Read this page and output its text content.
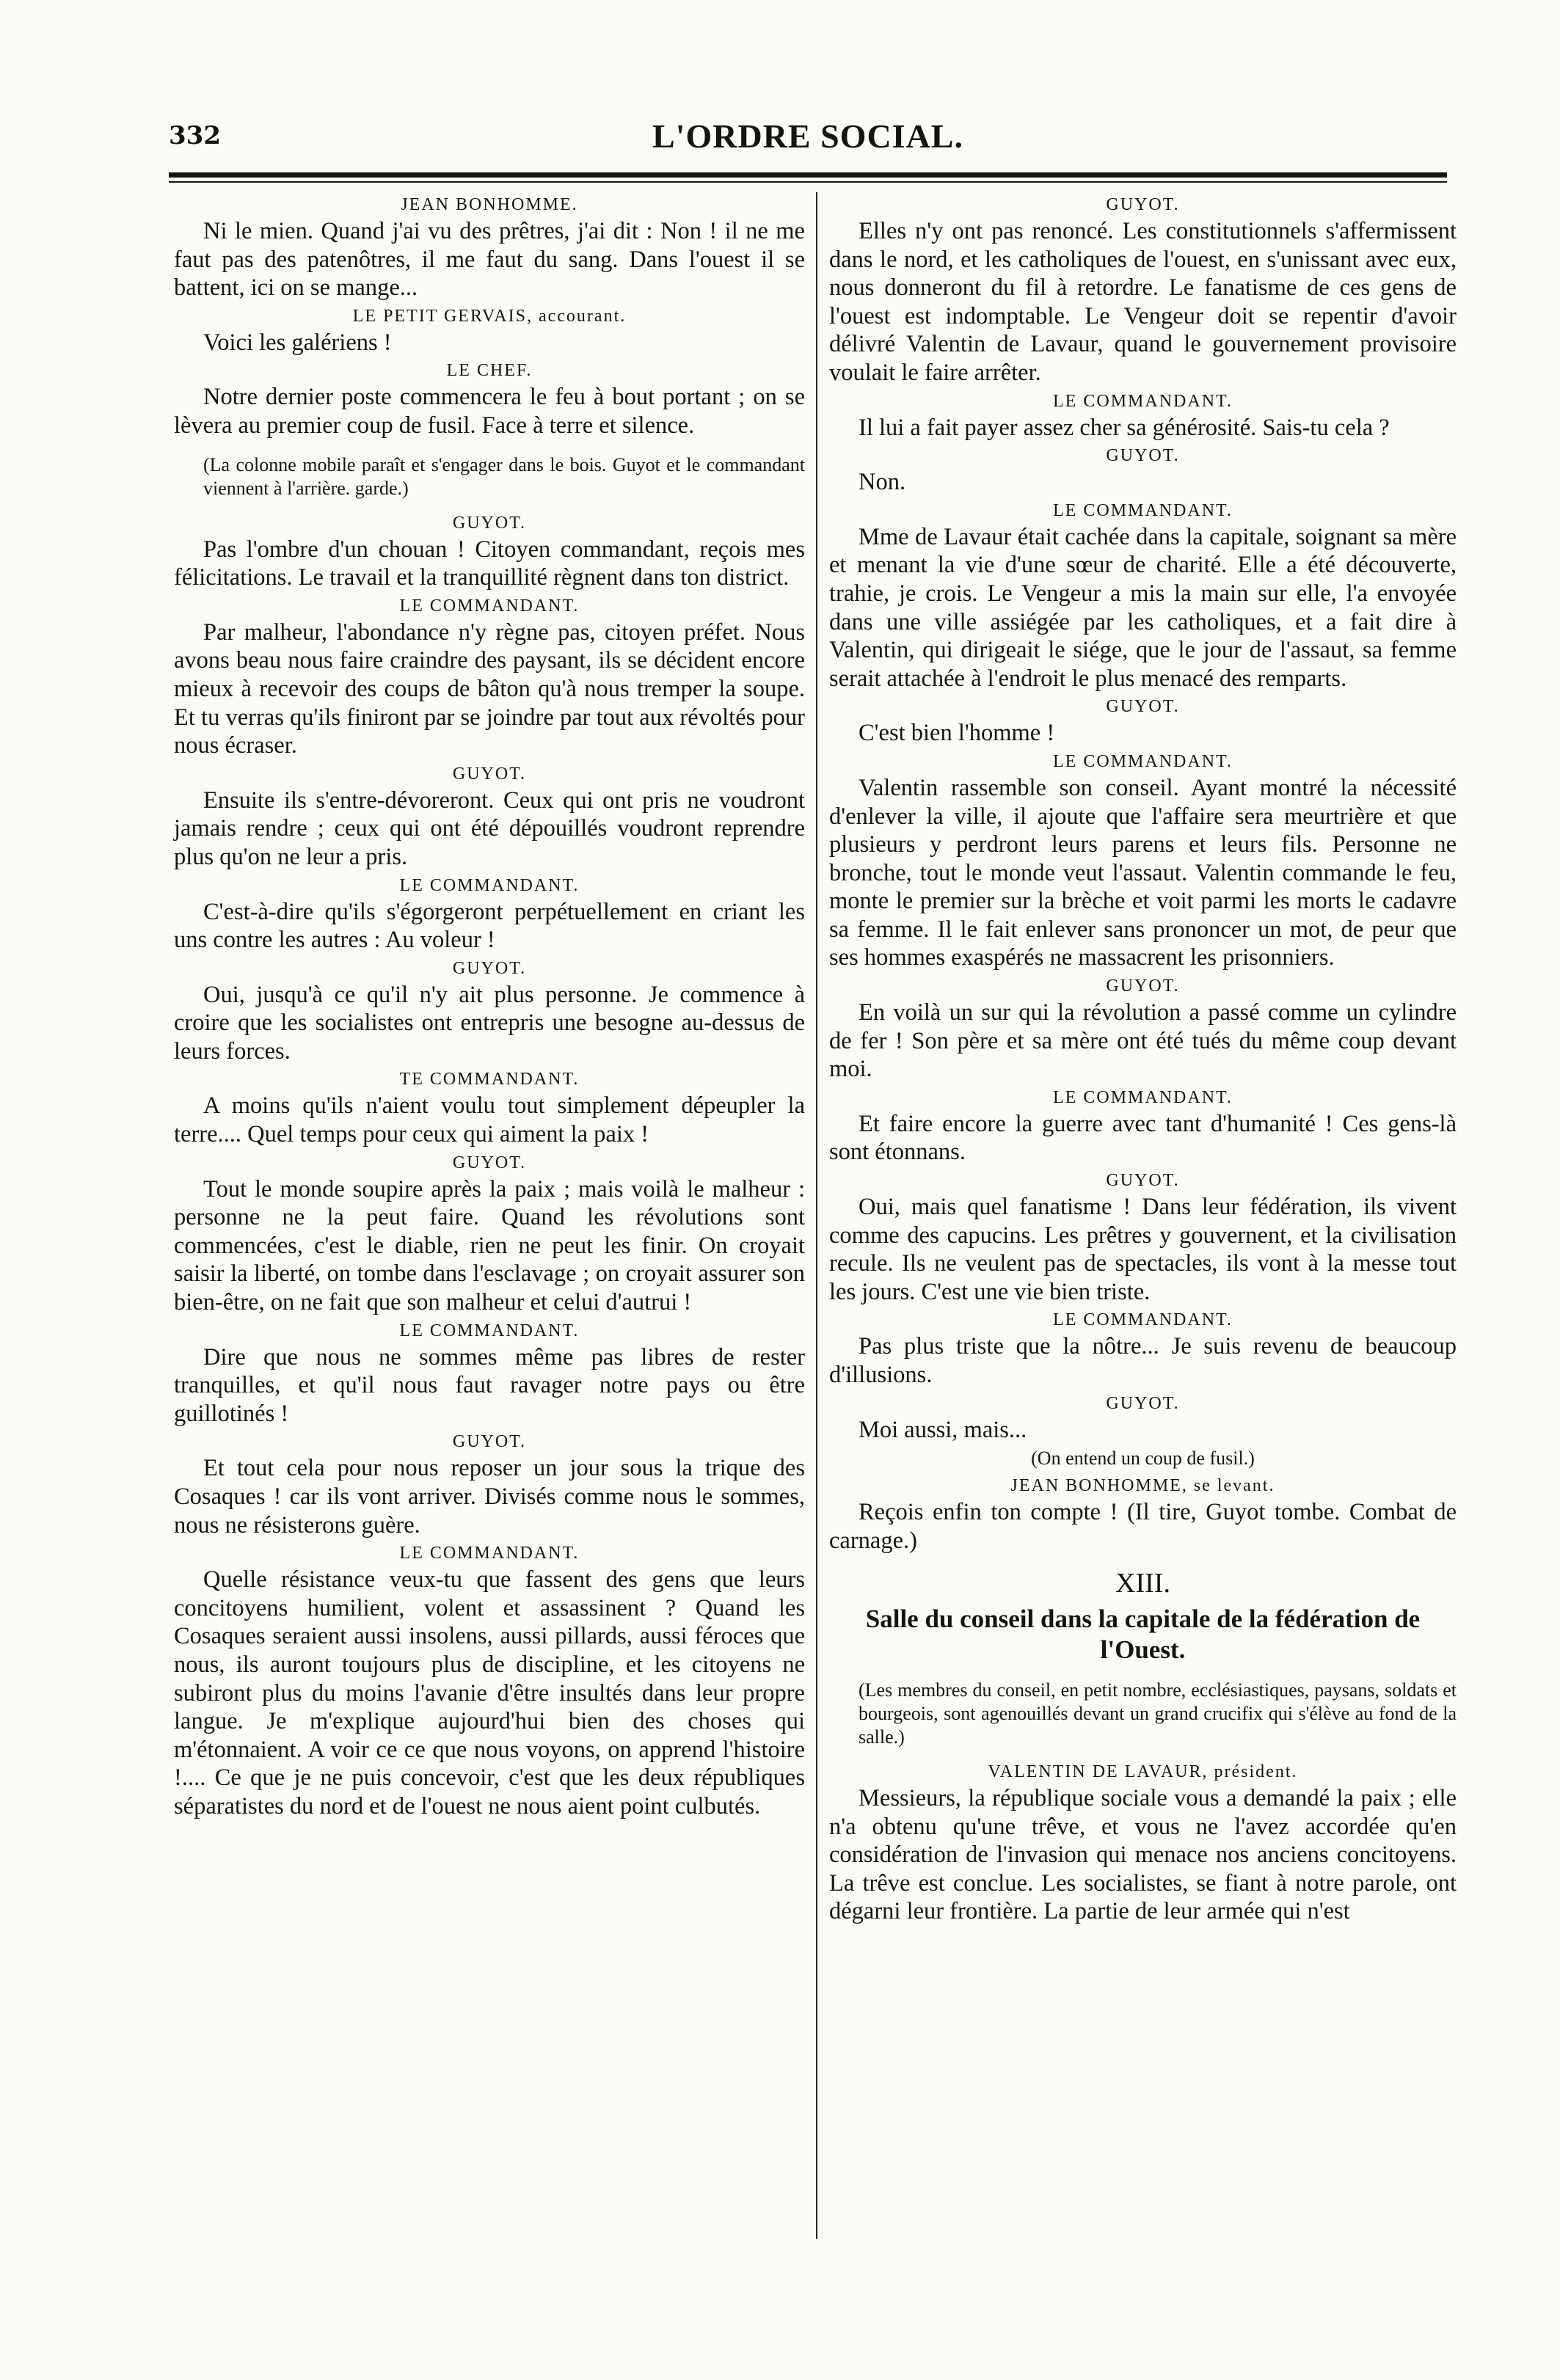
332	L'ORDRE SOCIAL.
JEAN BONHOMME.

Ni le mien. Quand j'ai vu des prêtres, j'ai dit : Non ! il ne me faut pas des patenôtres, il me faut du sang. Dans l'ouest il se battent, ici on se mange...

LE PETIT GERVAIS, accourant.

Voici les galériens !

LE CHEF.

Notre dernier poste commencera le feu à bout portant ; on se lèvera au premier coup de fusil. Face à terre et silence.

(La colonne mobile paraît et s'engager dans le bois. Guyot et le commandant viennent à l'arrière. garde.)
GUYOT.

Pas l'ombre d'un chouan ! Citoyen commandant, reçois mes félicitations. Le travail et la tranquillité règnent dans ton district.

LE COMMANDANT.

Par malheur, l'abondance n'y règne pas, citoyen préfet. Nous avons beau nous faire craindre des paysant, ils se décident encore mieux à recevoir des coups de bâton qu'à nous tremper la soupe. Et tu verras qu'ils finiront par se joindre par tout aux révoltés pour nous écraser.

GUYOT.

Ensuite ils s'entre-dévoreront. Ceux qui ont pris ne voudront jamais rendre ; ceux qui ont été dépouillés voudront reprendre plus qu'on ne leur a pris.

LE COMMANDANT.

C'est-à-dire qu'ils s'égorgeront perpétuellement en criant les uns contre les autres : Au voleur !

GUYOT.

Oui, jusqu'à ce qu'il n'y ait plus personne. Je commence à croire que les socialistes ont entrepris une besogne au-dessus de leurs forces.

TE COMMANDANT.

A moins qu'ils n'aient voulu tout simplement dépeupler la terre.... Quel temps pour ceux qui aiment la paix !

GUYOT.

Tout le monde soupire après la paix ; mais voilà le malheur : personne ne la peut faire. Quand les révolutions sont commencées, c'est le diable, rien ne peut les finir. On croyait saisir la liberté, on tombe dans l'esclavage ; on croyait assurer son bien-être, on ne fait que son malheur et celui d'autrui !

LE COMMANDANT.

Dire que nous ne sommes même pas libres de rester tranquilles, et qu'il nous faut ravager notre pays ou être guillotinés !

GUYOT.

Et tout cela pour nous reposer un jour sous la trique des Cosaques ! car ils vont arriver. Divisés comme nous le sommes, nous ne résisterons guère.

LE COMMANDANT.

Quelle résistance veux-tu que fassent des gens que leurs concitoyens humilient, volent et assassinent ? Quand les Cosaques seraient aussi insolens, aussi pillards, aussi féroces que nous, ils auront toujours plus de discipline, et les citoyens ne subiront plus du moins l'avanie d'être insultés dans leur propre langue. Je m'explique aujourd'hui bien des choses qui m'étonnaient. A voir ce ce que nous voyons, on apprend l'histoire !.... Ce que je ne puis concevoir, c'est que les deux républiques séparatistes du nord et de l'ouest ne nous aient point culbutés.

GUYOT.

Elles n'y ont pas renoncé. Les constitutionnels s'affermissent dans le nord, et les catholiques de l'ouest, en s'unissant avec eux, nous donneront du fil à retordre. Le fanatisme de ces gens de l'ouest est indomptable. Le Vengeur doit se repentir d'avoir délivré Valentin de Lavaur, quand le gouvernement provisoire voulait le faire arrêter.

LE COMMANDANT.

Il lui a fait payer assez cher sa générosité. Sais-tu cela ?

GUYOT.

Non.

LE COMMANDANT.

Mme de Lavaur était cachée dans la capitale, soignant sa mère et menant la vie d'une sœur de charité. Elle a été découverte, trahie, je crois. Le Vengeur a mis la main sur elle, l'a envoyée dans une ville assiégée par les catholiques, et a fait dire à Valentin, qui dirigeait le siége, que le jour de l'assaut, sa femme serait attachée à l'endroit le plus menacé des remparts.

GUYOT.

C'est bien l'homme !

LE COMMANDANT.

Valentin rassemble son conseil. Ayant montré la nécessité d'enlever la ville, il ajoute que l'affaire sera meurtrière et que plusieurs y perdront leurs parens et leurs fils. Personne ne bronche, tout le monde veut l'assaut. Valentin commande le feu, monte le premier sur la brèche et voit parmi les morts le cadavre sa femme. Il le fait enlever sans prononcer un mot, de peur que ses hommes exaspérés ne massacrent les prisonniers.

GUYOT.

En voilà un sur qui la révolution a passé comme un cylindre de fer ! Son père et sa mère ont été tués du même coup devant moi.

LE COMMANDANT.

Et faire encore la guerre avec tant d'humanité ! Ces gens-là sont étonnans.

GUYOT.

Oui, mais quel fanatisme ! Dans leur fédération, ils vivent comme des capucins. Les prêtres y gouvernent, et la civilisation recule. Ils ne veulent pas de spectacles, ils vont à la messe tout les jours. C'est une vie bien triste.

LE COMMANDANT.

Pas plus triste que la nôtre... Je suis revenu de beaucoup d'illusions.

GUYOT.

Moi aussi, mais...

(On entend un coup de fusil.)
JEAN BONHOMME, se levant.

Reçois enfin ton compte ! (Il tire, Guyot tombe. Combat de carnage.)

XIII.
Salle du conseil dans la capitale de la fédération de l'Ouest.
(Les membres du conseil, en petit nombre, ecclésiastiques, paysans, soldats et bourgeois, sont agenouillés devant un grand crucifix qui s'élève au fond de la salle.)
VALENTIN DE LAVAUR, président.

Messieurs, la république sociale vous a demandé la paix ; elle n'a obtenu qu'une trêve, et vous ne l'avez accordée qu'en considération de l'invasion qui menace nos anciens concitoyens. La trêve est conclue. Les socialistes, se fiant à notre parole, ont dégarni leur frontière. La partie de leur armée qui n'est
